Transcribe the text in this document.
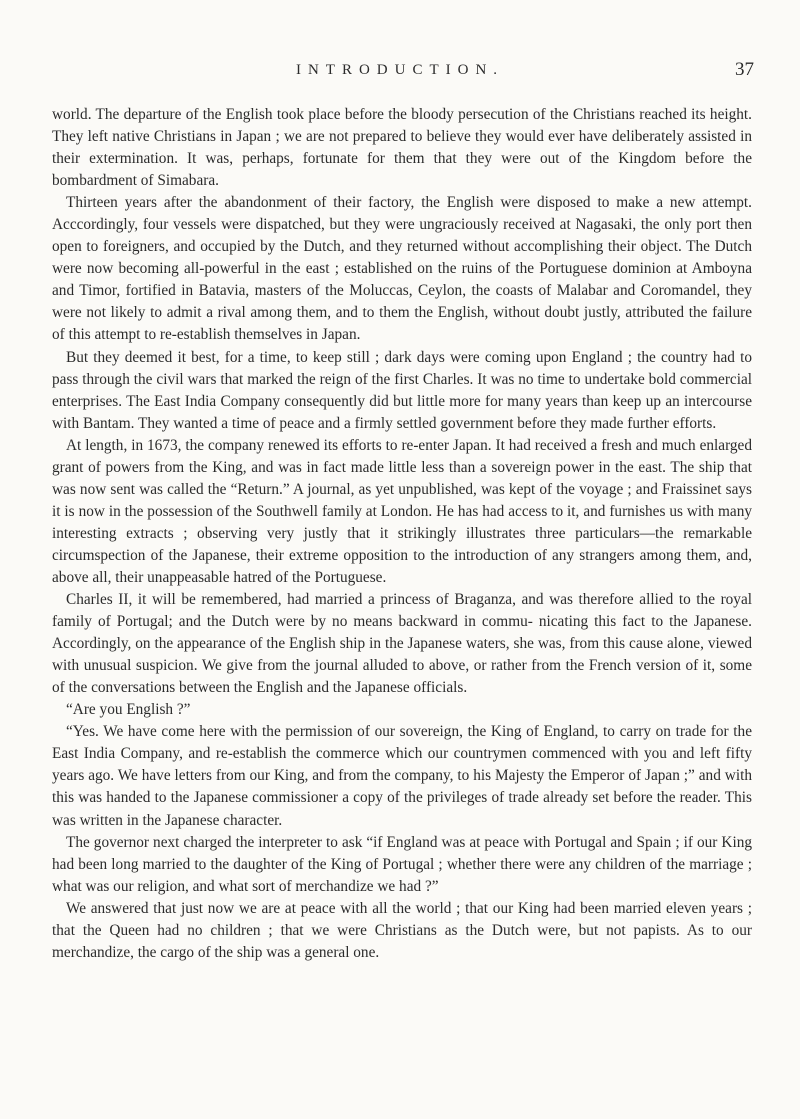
INTRODUCTION.	37

world. The departure of the English took place before the bloody persecution of the Christians reached its height. They left native Christians in Japan ; we are not prepared to believe they would ever have deliberately assisted in their extermination. It was, perhaps, fortunate for them that they were out of the Kingdom before the bombardment of Simabara.

Thirteen years after the abandonment of their factory, the English were disposed to make a new attempt. Acccordingly, four vessels were dispatched, but they were ungraciously received at Nagasaki, the only port then open to foreigners, and occupied by the Dutch, and they returned without accomplishing their object. The Dutch were now becoming all-powerful in the east ; established on the ruins of the Portuguese dominion at Amboyna and Timor, fortified in Batavia, masters of the Moluccas, Ceylon, the coasts of Malabar and Coromandel, they were not likely to admit a rival among them, and to them the English, without doubt justly, attributed the failure of this attempt to re-establish themselves in Japan.

But they deemed it best, for a time, to keep still ; dark days were coming upon England ; the country had to pass through the civil wars that marked the reign of the first Charles. It was no time to undertake bold commercial enterprises. The East India Company consequently did but little more for many years than keep up an intercourse with Bantam. They wanted a time of peace and a firmly settled government before they made further efforts.

At length, in 1673, the company renewed its efforts to re-enter Japan. It had received a fresh and much enlarged grant of powers from the King, and was in fact made little less than a sovereign power in the east. The ship that was now sent was called the “Return.” A journal, as yet unpublished, was kept of the voyage ; and Fraissinet says it is now in the possession of the Southwell family at London. He has had access to it, and furnishes us with many interesting extracts ; observing very justly that it strikingly illustrates three particulars—the remarkable circumspection of the Japanese, their extreme opposition to the introduction of any strangers among them, and, above all, their unappeasable hatred of the Portuguese.

Charles II, it will be remembered, had married a princess of Braganza, and was therefore allied to the royal family of Portugal; and the Dutch were by no means backward in commu- nicating this fact to the Japanese. Accordingly, on the appearance of the English ship in the Japanese waters, she was, from this cause alone, viewed with unusual suspicion. We give from the journal alluded to above, or rather from the French version of it, some of the conversations between the English and the Japanese officials.

“Are you English ?”

“Yes. We have come here with the permission of our sovereign, the King of England, to carry on trade for the East India Company, and re-establish the commerce which our countrymen commenced with you and left fifty years ago. We have letters from our King, and from the company, to his Majesty the Emperor of Japan ;” and with this was handed to the Japanese commissioner a copy of the privileges of trade already set before the reader. This was written in the Japanese character.

The governor next charged the interpreter to ask “if England was at peace with Portugal and Spain ; if our King had been long married to the daughter of the King of Portugal ; whether there were any children of the marriage ; what was our religion, and what sort of merchandize we had ?”

We answered that just now we are at peace with all the world ; that our King had been married eleven years ; that the Queen had no children ; that we were Christians as the Dutch were, but not papists. As to our merchandize, the cargo of the ship was a general one.
